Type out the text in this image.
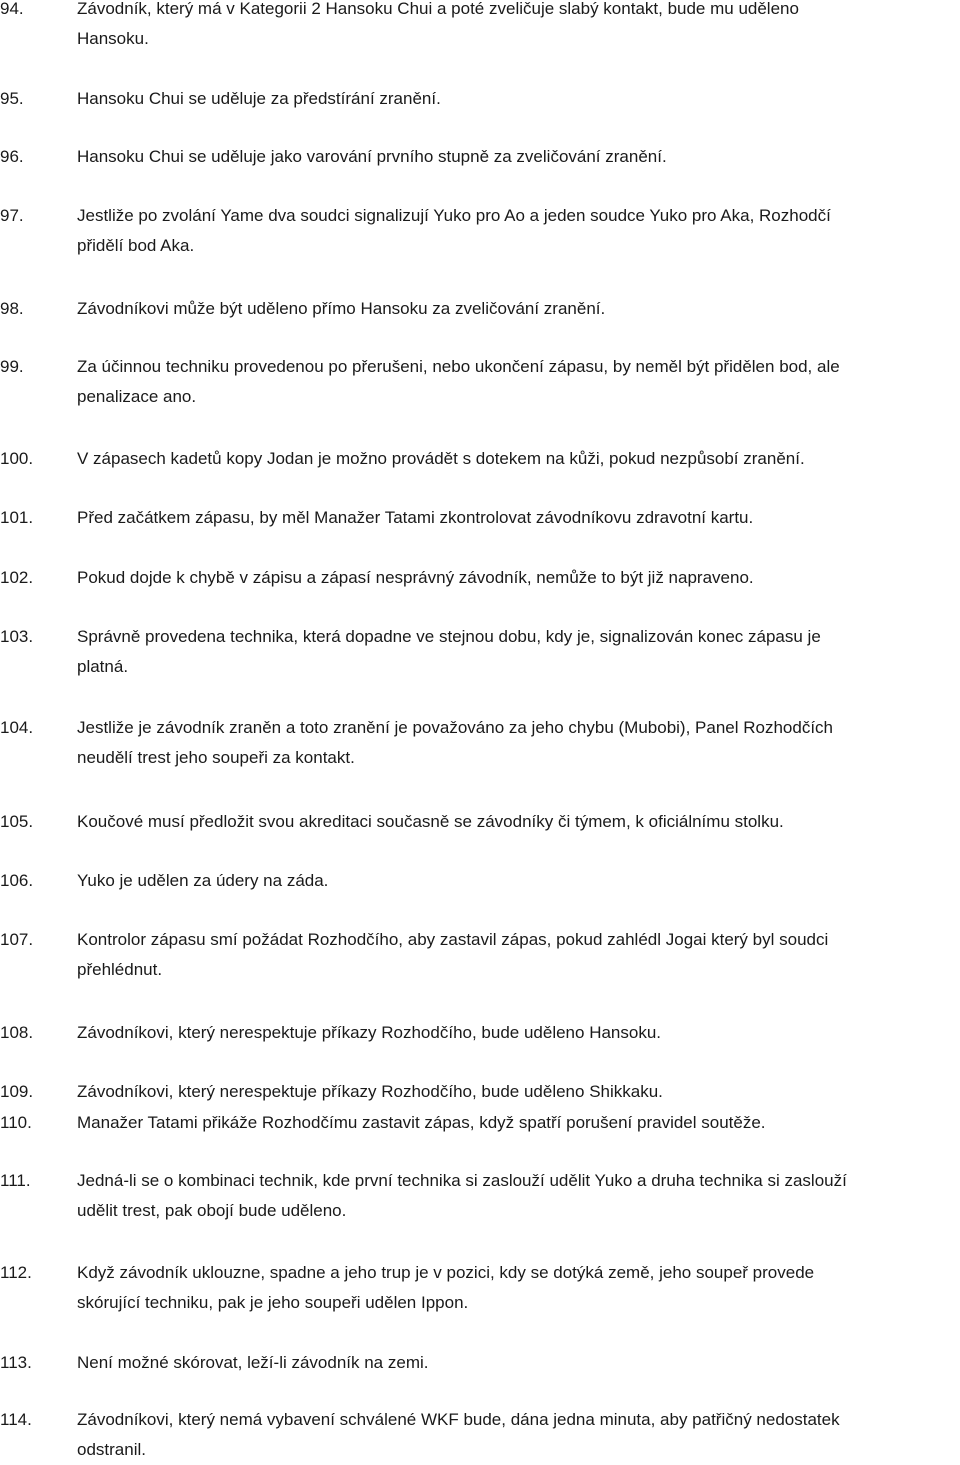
94.	Závodník, který má v Kategorii 2 Hansoku Chui a poté zveličuje slabý kontakt, bude mu uděleno
Hansoku.
95.	Hansoku Chui se uděluje za předstírání zranění.
96.	Hansoku Chui se uděluje jako varování prvního stupně za zveličování zranění.
97.	Jestliže po zvolání Yame dva soudci signalizují Yuko pro Ao a jeden soudce Yuko pro Aka, Rozhodčí
přidělí bod Aka.
98.	Závodníkovi může být uděleno přímo Hansoku za zveličování zranění.
99.	Za účinnou techniku provedenou po přerušeni, nebo ukončení zápasu, by neměl být přidělen bod, ale
penalizace ano.
100.	V zápasech kadetů kopy Jodan je možno provádět s dotekem na kůži, pokud nezpůsobí zranění.
101.	Před začátkem zápasu, by měl Manažer Tatami zkontrolovat závodníkovu zdravotní kartu.
102.	Pokud dojde k chybě v zápisu a zápasí nesprávný závodník, nemůže to být již napraveno.
103.	Správně provedena technika, která dopadne ve stejnou dobu, kdy je, signalizován konec zápasu je
platná.
104.	Jestliže je závodník zraněn a toto zranění je považováno za jeho chybu (Mubobi), Panel Rozhodčích
neudělí trest jeho soupeři za kontakt.
105.	Koučové musí předložit svou akreditaci současně se závodníky či týmem, k oficiálnímu stolku.
106.	Yuko je udělen za údery na záda.
107.	Kontrolor zápasu smí požádat Rozhodčího, aby zastavil zápas, pokud zahlédl Jogai který byl soudci
přehlédnut.
108.	Závodníkovi, který nerespektuje příkazy Rozhodčího, bude uděleno Hansoku.
109.	Závodníkovi, který nerespektuje příkazy Rozhodčího, bude uděleno Shikkaku.
110.	Manažer Tatami přikáže Rozhodčímu zastavit zápas, když spatří porušení pravidel soutěže.
111.	Jedná-li se o kombinaci technik, kde první technika si zaslouží udělit Yuko a druha technika si zaslouží
udělit trest, pak obojí bude uděleno.
112.	Když závodník uklouzne, spadne a jeho trup je v pozici, kdy se dotýká země, jeho soupeř provede
skórující techniku, pak je jeho soupeři udělen Ippon.
113.	Není možné skórovat, leží-li závodník na zemi.
114.	Závodníkovi, který nemá vybavení schválené WKF bude, dána jedna minuta, aby patřičný nedostatek
odstranil.
